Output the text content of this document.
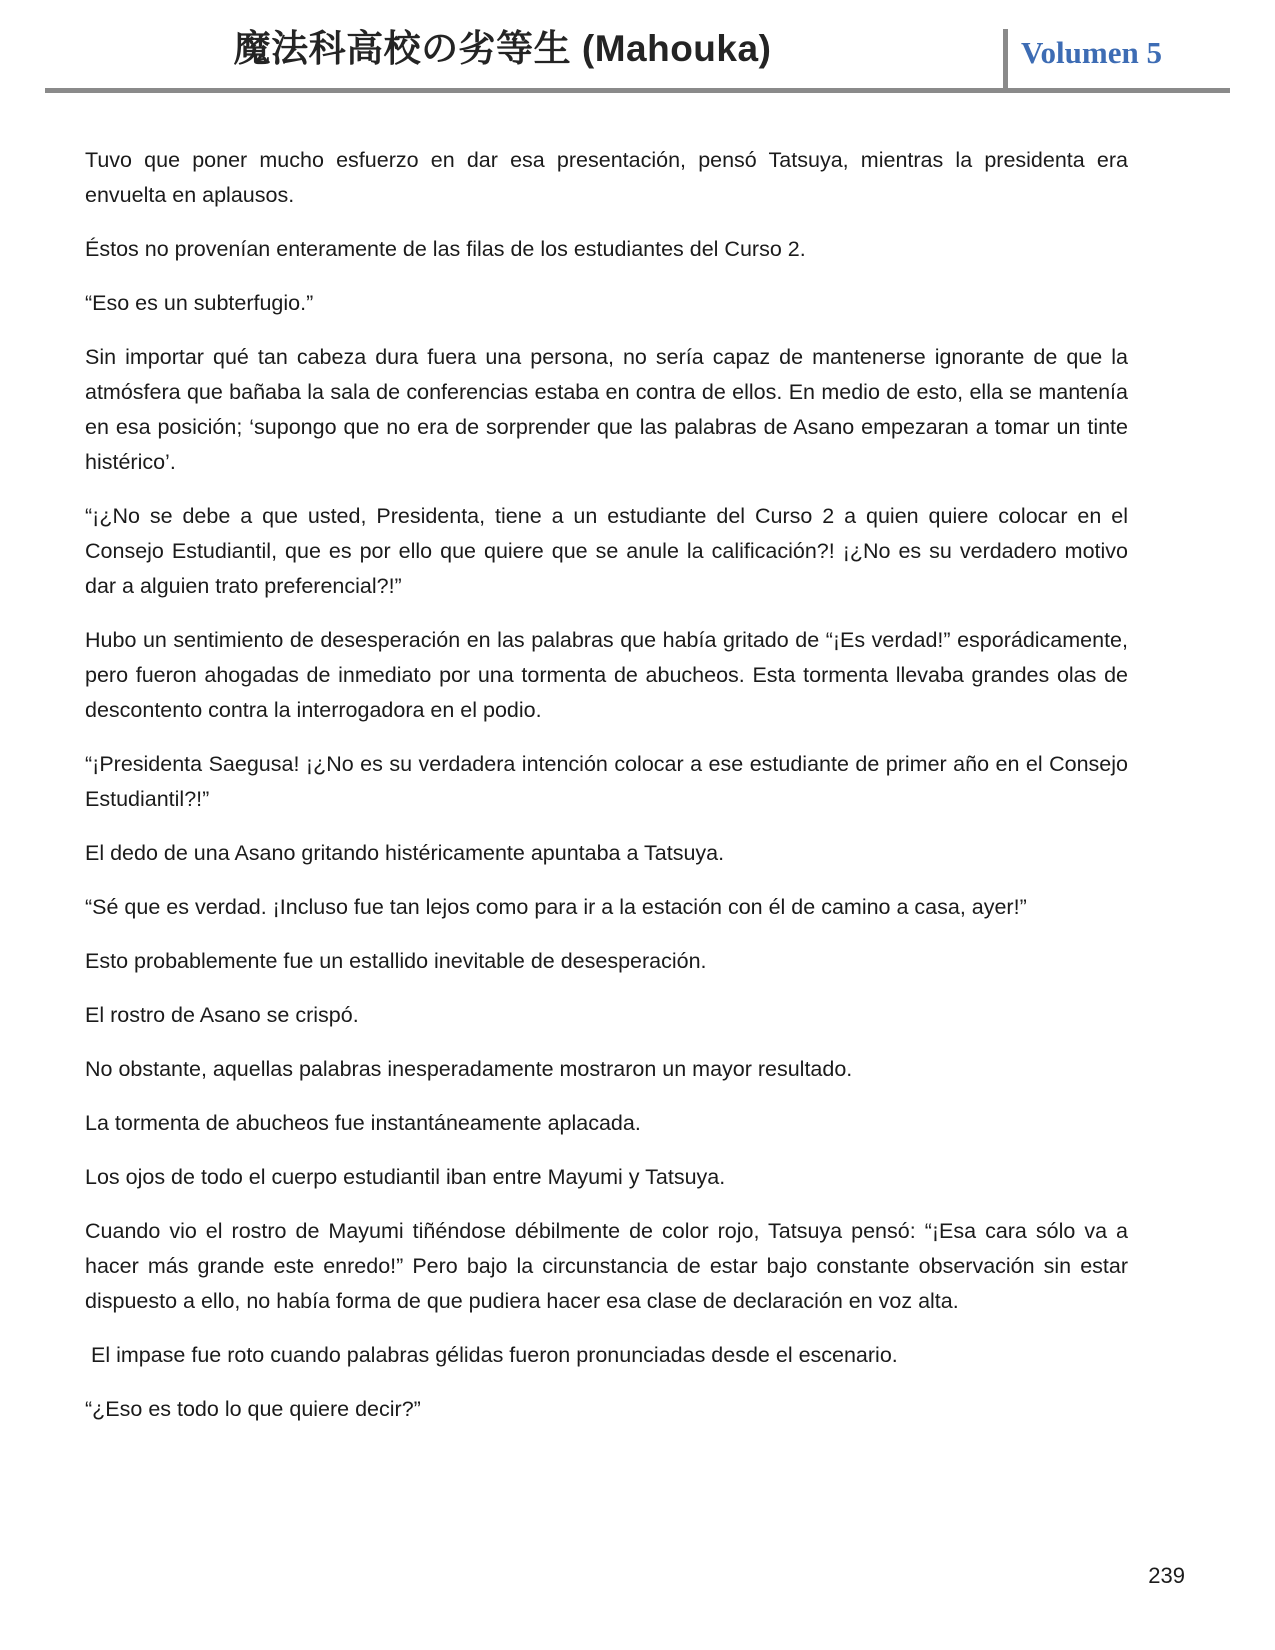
魔法科高校の劣等生 (Mahouka)	Volumen 5

Tuvo que poner mucho esfuerzo en dar esa presentación, pensó Tatsuya, mientras la presidenta era envuelta en aplausos.

Éstos no provenían enteramente de las filas de los estudiantes del Curso 2.

“Eso es un subterfugio.”

Sin importar qué tan cabeza dura fuera una persona, no sería capaz de mantenerse ignorante de que la atmósfera que bañaba la sala de conferencias estaba en contra de ellos. En medio de esto, ella se mantenía en esa posición; ‘supongo que no era de sorprender que las palabras de Asano empezaran a tomar un tinte histérico’.

“¡¿No se debe a que usted, Presidenta, tiene a un estudiante del Curso 2 a quien quiere colocar en el Consejo Estudiantil, que es por ello que quiere que se anule la calificación?! ¡¿No es su verdadero motivo dar a alguien trato preferencial?!”

Hubo un sentimiento de desesperación en las palabras que había gritado de “¡Es verdad!” esporádicamente, pero fueron ahogadas de inmediato por una tormenta de abucheos. Esta tormenta llevaba grandes olas de descontento contra la interrogadora en el podio.

“¡Presidenta Saegusa! ¡¿No es su verdadera intención colocar a ese estudiante de primer año en el Consejo Estudiantil?!”

El dedo de una Asano gritando histéricamente apuntaba a Tatsuya.

“Sé que es verdad. ¡Incluso fue tan lejos como para ir a la estación con él de camino a casa, ayer!”

Esto probablemente fue un estallido inevitable de desesperación.

El rostro de Asano se crispó.

No obstante, aquellas palabras inesperadamente mostraron un mayor resultado.

La tormenta de abucheos fue instantáneamente aplacada.

Los ojos de todo el cuerpo estudiantil iban entre Mayumi y Tatsuya.

Cuando vio el rostro de Mayumi tiñéndose débilmente de color rojo, Tatsuya pensó: “¡Esa cara sólo va a hacer más grande este enredo!” Pero bajo la circunstancia de estar bajo constante observación sin estar dispuesto a ello, no había forma de que pudiera hacer esa clase de declaración en voz alta.

El impase fue roto cuando palabras gélidas fueron pronunciadas desde el escenario.

“¿Eso es todo lo que quiere decir?”

239
